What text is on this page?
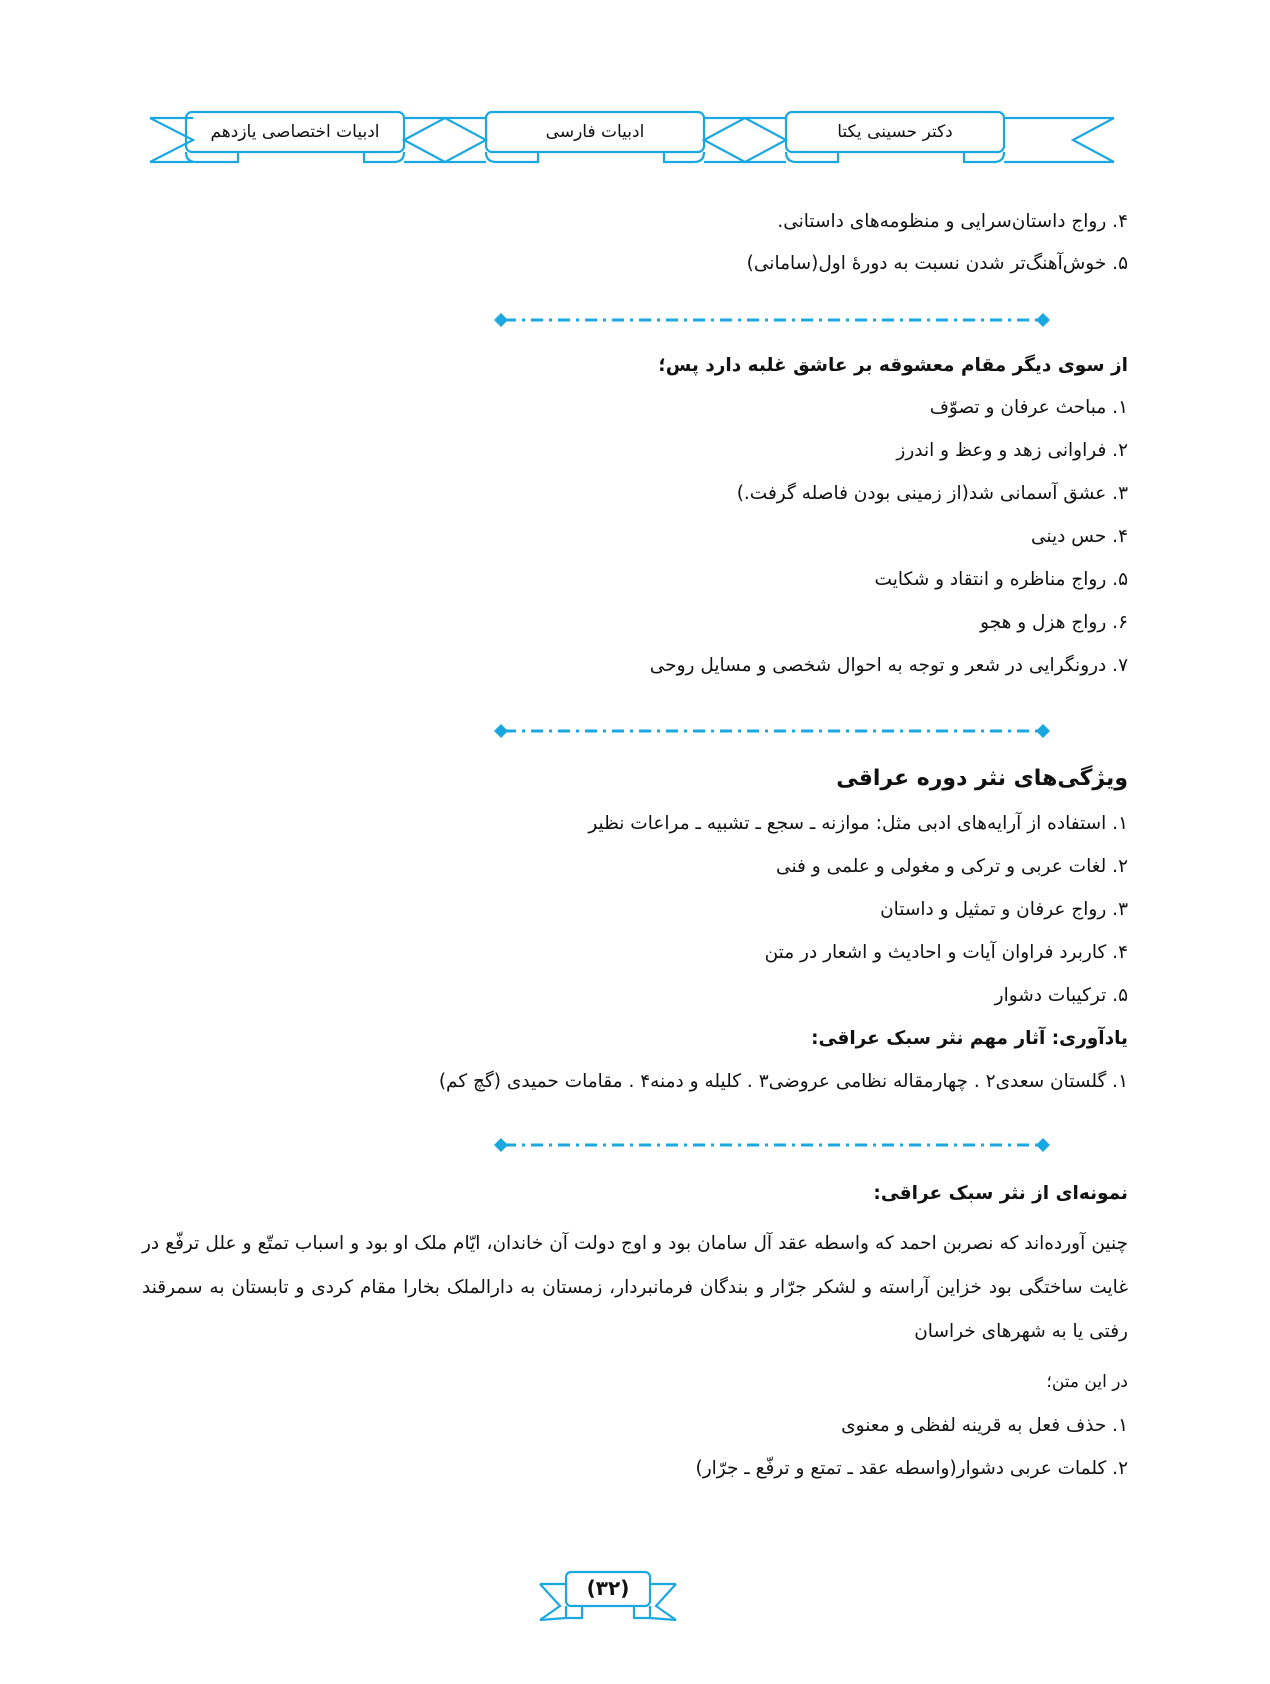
ادبیات اختصاصی یازدهم	ادبیات فارسی	دکتر حسینی یکتا
۴. رواج داستان‌سرایی و منظومه‌های داستانی.
۵. خوش‌آهنگ‌تر شدن نسبت به دورهٔ اول(سامانی)
از سوی دیگر مقام معشوقه بر عاشق غلبه دارد پس؛
۱. مباحث عرفان و تصوّف
۲. فراوانی زهد و وعظ و اندرز
۳. عشق آسمانی شد(از زمینی بودن فاصله گرفت.)
۴. حس دینی
۵. رواج مناظره و انتقاد و شکایت
۶. رواج هزل و هجو
۷. درونگرایی در شعر و توجه به احوال شخصی و مسایل روحی
ویژگی‌های نثر دوره عراقی
۱. استفاده از آرایه‌های ادبی مثل: موازنه ـ سجع ـ تشبیه ـ مراعات نظیر
۲. لغات عربی و ترکی و مغولی و علمی و فنی
۳. رواج عرفان و تمثیل و داستان
۴. کاربرد فراوان آیات و احادیث و اشعار در متن
۵. ترکیبات دشوار
یادآوری: آثار مهم نثر سبک عراقی:
۱. گلستان سعدی۲ . چهارمقاله نظامی عروضی۳ . کلیله و دمنه۴ . مقامات حمیدی (گچ کم)
نمونه‌ای از نثر سبک عراقی:
چنین آورده‌اند که نصربن احمد که واسطه عقد آل سامان بود و اوج دولت آن خاندان، ایّام ملک او بود و اسباب تمتّع و علل ترفّع در غایت ساختگی بود خزاین آراسته و لشکر جرّار و بندگان فرمانبردار، زمستان به دارالملک بخارا مقام کردی و تابستان به سمرقند رفتی یا به شهرهای خراسان
در این متن؛
۱. حذف فعل به قرینه لفظی و معنوی
۲. کلمات عربی دشوار(واسطه عقد ـ تمتع و ترفّع ـ جرّار)
(۳۲)
